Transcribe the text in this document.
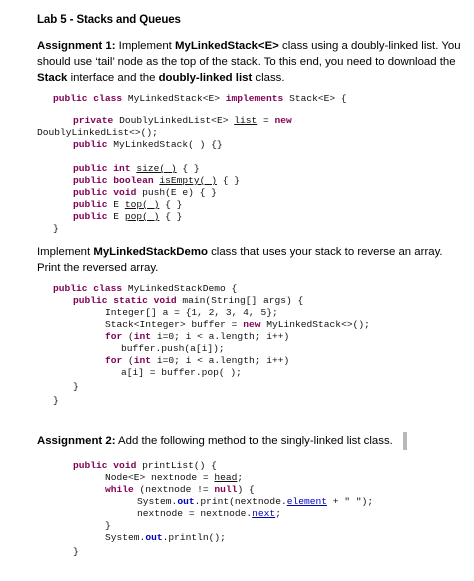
Lab 5 - Stacks and Queues

Assignment 1: Implement MyLinkedStack<E> class using a doubly-linked list. You should use ‘tail’ node as the top of the stack. To this end, you need to download the Stack interface and the doubly-linked list class.

public class MyLinkedStack<E> implements Stack<E> {
private DoublyLinkedList<E> list = new
DoublyLinkedList<>();
public MyLinkedStack( ) {}
public int size( ) { }
public boolean isEmpty( ) { }
public void push(E e) { }
public E top( ) { }
public E pop( ) { }
}

Implement MyLinkedStackDemo class that uses your stack to reverse an array. Print the reversed array.

public class MyLinkedStackDemo {
public static void main(String[] args) {
Integer[] a = {1, 2, 3, 4, 5};
Stack<Integer> buffer = new MyLinkedStack<>();
for (int i=0; i < a.length; i++)
buffer.push(a[i]);
for (int i=0; i < a.length; i++)
a[i] = buffer.pop( );
}
}

Assignment 2: Add the following method to the singly-linked list class.

public void printList() {
Node<E> nextnode = head;
while (nextnode != null) {
System.out.print(nextnode.element + " ");
nextnode = nextnode.next;
}
System.out.println();
}
